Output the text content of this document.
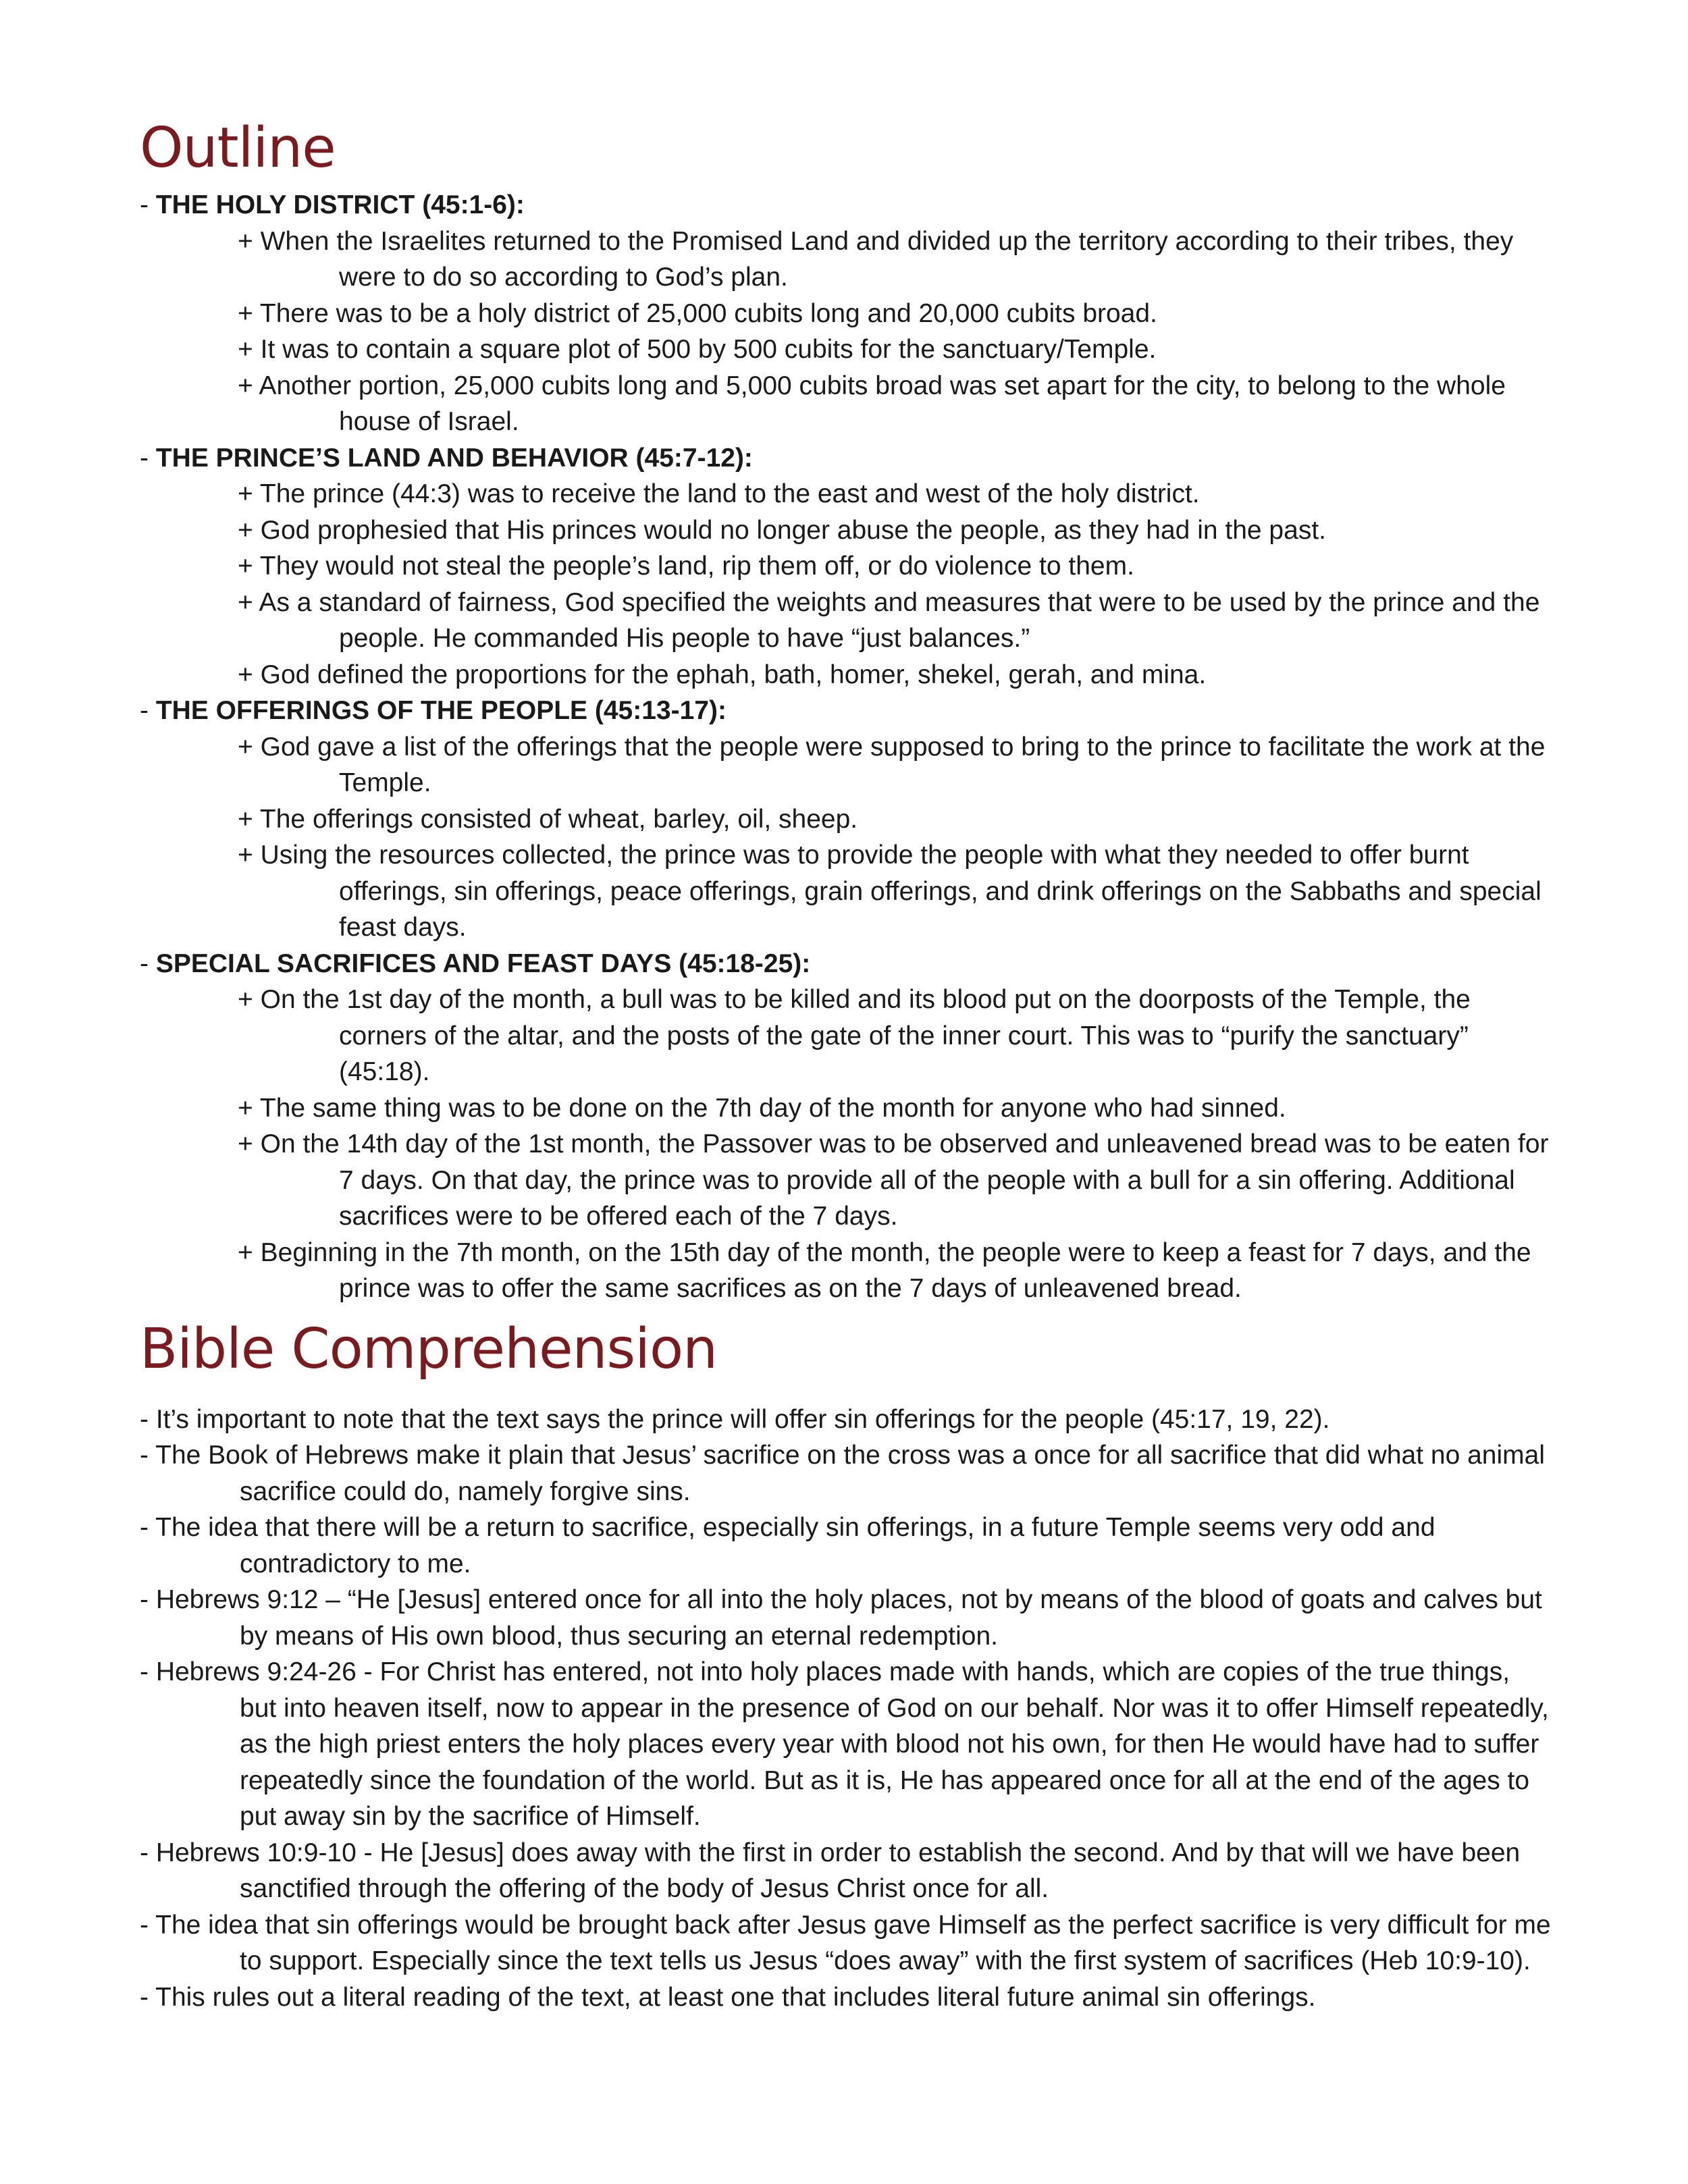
Outline
- THE HOLY DISTRICT (45:1-6):
+ When the Israelites returned to the Promised Land and divided up the territory according to their tribes, they were to do so according to God’s plan.
+ There was to be a holy district of 25,000 cubits long and 20,000 cubits broad.
+ It was to contain a square plot of 500 by 500 cubits for the sanctuary/Temple.
+ Another portion, 25,000 cubits long and 5,000 cubits broad was set apart for the city, to belong to the whole house of Israel.
- THE PRINCE’S LAND AND BEHAVIOR (45:7-12):
+ The prince (44:3) was to receive the land to the east and west of the holy district.
+ God prophesied that His princes would no longer abuse the people, as they had in the past.
+ They would not steal the people’s land, rip them off, or do violence to them.
+ As a standard of fairness, God specified the weights and measures that were to be used by the prince and the people. He commanded His people to have “just balances.”
+ God defined the proportions for the ephah, bath, homer, shekel, gerah, and mina.
- THE OFFERINGS OF THE PEOPLE (45:13-17):
+ God gave a list of the offerings that the people were supposed to bring to the prince to facilitate the work at the Temple.
+ The offerings consisted of wheat, barley, oil, sheep.
+ Using the resources collected, the prince was to provide the people with what they needed to offer burnt offerings, sin offerings, peace offerings, grain offerings, and drink offerings on the Sabbaths and special feast days.
- SPECIAL SACRIFICES AND FEAST DAYS (45:18-25):
+ On the 1st day of the month, a bull was to be killed and its blood put on the doorposts of the Temple, the corners of the altar, and the posts of the gate of the inner court. This was to “purify the sanctuary” (45:18).
+ The same thing was to be done on the 7th day of the month for anyone who had sinned.
+ On the 14th day of the 1st month, the Passover was to be observed and unleavened bread was to be eaten for 7 days. On that day, the prince was to provide all of the people with a bull for a sin offering. Additional sacrifices were to be offered each of the 7 days.
+ Beginning in the 7th month, on the 15th day of the month, the people were to keep a feast for 7 days, and the prince was to offer the same sacrifices as on the 7 days of unleavened bread.
Bible Comprehension
- It’s important to note that the text says the prince will offer sin offerings for the people (45:17, 19, 22).
- The Book of Hebrews make it plain that Jesus’ sacrifice on the cross was a once for all sacrifice that did what no animal sacrifice could do, namely forgive sins.
- The idea that there will be a return to sacrifice, especially sin offerings, in a future Temple seems very odd and contradictory to me.
- Hebrews 9:12 – “He [Jesus] entered once for all into the holy places, not by means of the blood of goats and calves but by means of His own blood, thus securing an eternal redemption.
- Hebrews 9:24-26 - For Christ has entered, not into holy places made with hands, which are copies of the true things, but into heaven itself, now to appear in the presence of God on our behalf. Nor was it to offer Himself repeatedly, as the high priest enters the holy places every year with blood not his own, for then He would have had to suffer repeatedly since the foundation of the world. But as it is, He has appeared once for all at the end of the ages to put away sin by the sacrifice of Himself.
- Hebrews 10:9-10 - He [Jesus] does away with the first in order to establish the second. And by that will we have been sanctified through the offering of the body of Jesus Christ once for all.
- The idea that sin offerings would be brought back after Jesus gave Himself as the perfect sacrifice is very difficult for me to support. Especially since the text tells us Jesus “does away” with the first system of sacrifices (Heb 10:9-10).
- This rules out a literal reading of the text, at least one that includes literal future animal sin offerings.
